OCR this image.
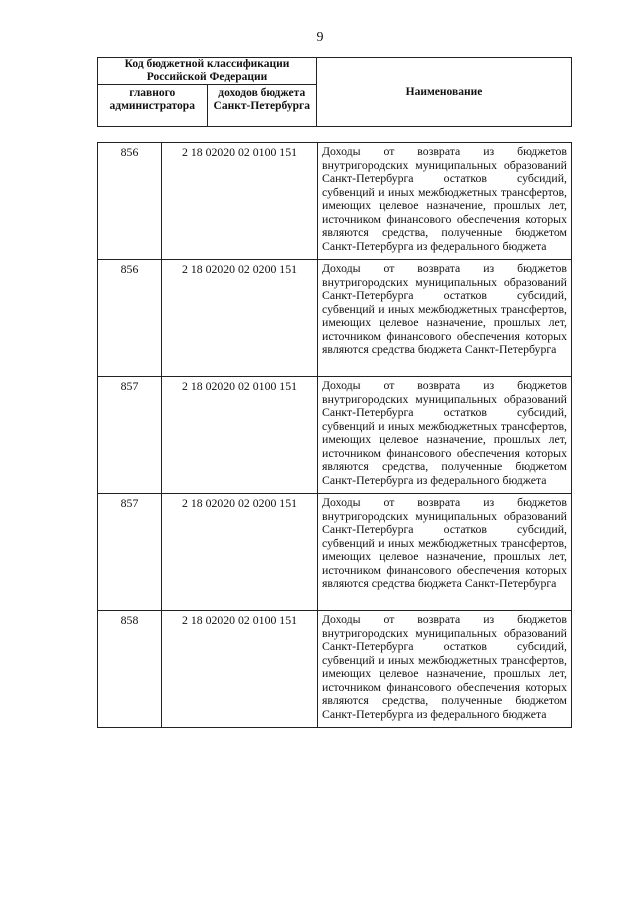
9
Код бюджетной классификации Российской Федерации		Наименование
главного администратора	доходов бюджета Санкт-Петербурга	
856	2 18 02020 02 0100 151	Доходы от возврата из бюджетов внутригородских муниципальных образований Санкт-Петербурга остатков субсидий, субвенций и иных межбюджетных трансфертов, имеющих целевое назначение, прошлых лет, источником финансового обеспечения которых являются средства, полученные бюджетом Санкт-Петербурга из федерального бюджета
856	2 18 02020 02 0200 151	Доходы от возврата из бюджетов внутригородских муниципальных образований Санкт-Петербурга остатков субсидий, субвенций и иных межбюджетных трансфертов, имеющих целевое назначение, прошлых лет, источником финансового обеспечения которых являются средства бюджета Санкт-Петербурга
857	2 18 02020 02 0100 151	Доходы от возврата из бюджетов внутригородских муниципальных образований Санкт-Петербурга остатков субсидий, субвенций и иных межбюджетных трансфертов, имеющих целевое назначение, прошлых лет, источником финансового обеспечения которых являются средства, полученные бюджетом Санкт-Петербурга из федерального бюджета
857	2 18 02020 02 0200 151	Доходы от возврата из бюджетов внутригородских муниципальных образований Санкт-Петербурга остатков субсидий, субвенций и иных межбюджетных трансфертов, имеющих целевое назначение, прошлых лет, источником финансового обеспечения которых являются средства бюджета Санкт-Петербурга
858	2 18 02020 02 0100 151	Доходы от возврата из бюджетов внутригородских муниципальных образований Санкт-Петербурга остатков субсидий, субвенций и иных межбюджетных трансфертов, имеющих целевое назначение, прошлых лет, источником финансового обеспечения которых являются средства, полученные бюджетом Санкт-Петербурга из федерального бюджета
